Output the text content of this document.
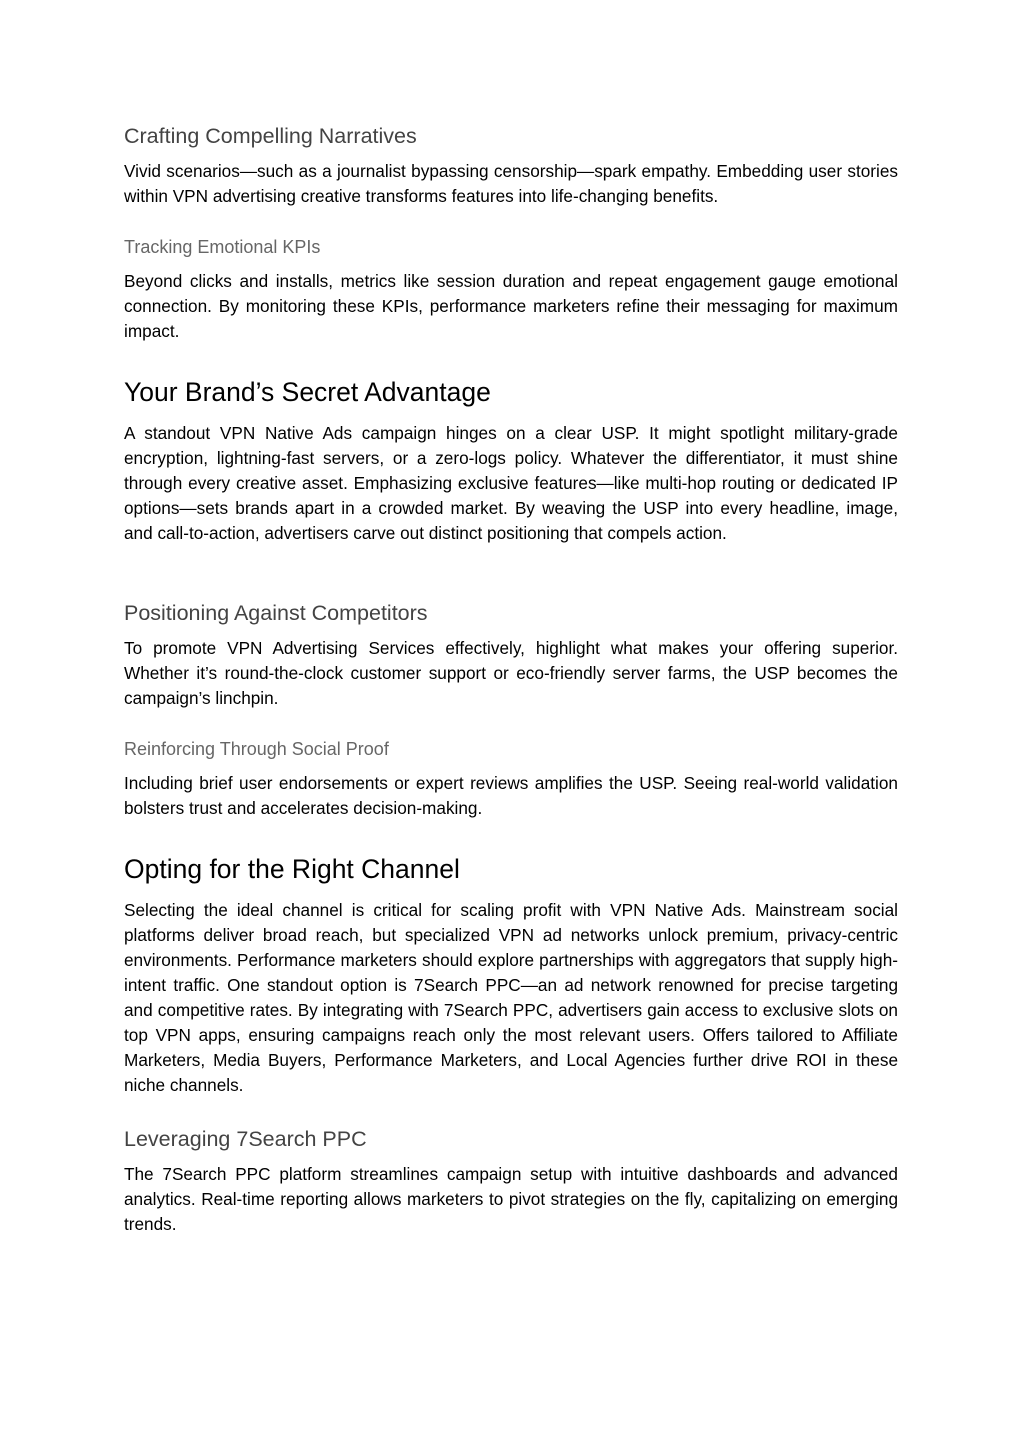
Crafting Compelling Narratives

Vivid scenarios—such as a journalist bypassing censorship—spark empathy. Embedding user stories within VPN advertising creative transforms features into life-changing benefits.

Tracking Emotional KPIs

Beyond clicks and installs, metrics like session duration and repeat engagement gauge emotional connection. By monitoring these KPIs, performance marketers refine their messaging for maximum impact.

Your Brand’s Secret Advantage

A standout VPN Native Ads campaign hinges on a clear USP. It might spotlight military-grade encryption, lightning-fast servers, or a zero-logs policy. Whatever the differentiator, it must shine through every creative asset. Emphasizing exclusive features—like multi-hop routing or dedicated IP options—sets brands apart in a crowded market. By weaving the USP into every headline, image, and call-to-action, advertisers carve out distinct positioning that compels action.

Positioning Against Competitors

To promote VPN Advertising Services effectively, highlight what makes your offering superior. Whether it’s round-the-clock customer support or eco-friendly server farms, the USP becomes the campaign’s linchpin.

Reinforcing Through Social Proof

Including brief user endorsements or expert reviews amplifies the USP. Seeing real-world validation bolsters trust and accelerates decision-making.

Opting for the Right Channel

Selecting the ideal channel is critical for scaling profit with VPN Native Ads. Mainstream social platforms deliver broad reach, but specialized VPN ad networks unlock premium, privacy-centric environments. Performance marketers should explore partnerships with aggregators that supply high-intent traffic. One standout option is 7Search PPC—an ad network renowned for precise targeting and competitive rates. By integrating with 7Search PPC, advertisers gain access to exclusive slots on top VPN apps, ensuring campaigns reach only the most relevant users. Offers tailored to Affiliate Marketers, Media Buyers, Performance Marketers, and Local Agencies further drive ROI in these niche channels.

Leveraging 7Search PPC

The 7Search PPC platform streamlines campaign setup with intuitive dashboards and advanced analytics. Real-time reporting allows marketers to pivot strategies on the fly, capitalizing on emerging trends.
